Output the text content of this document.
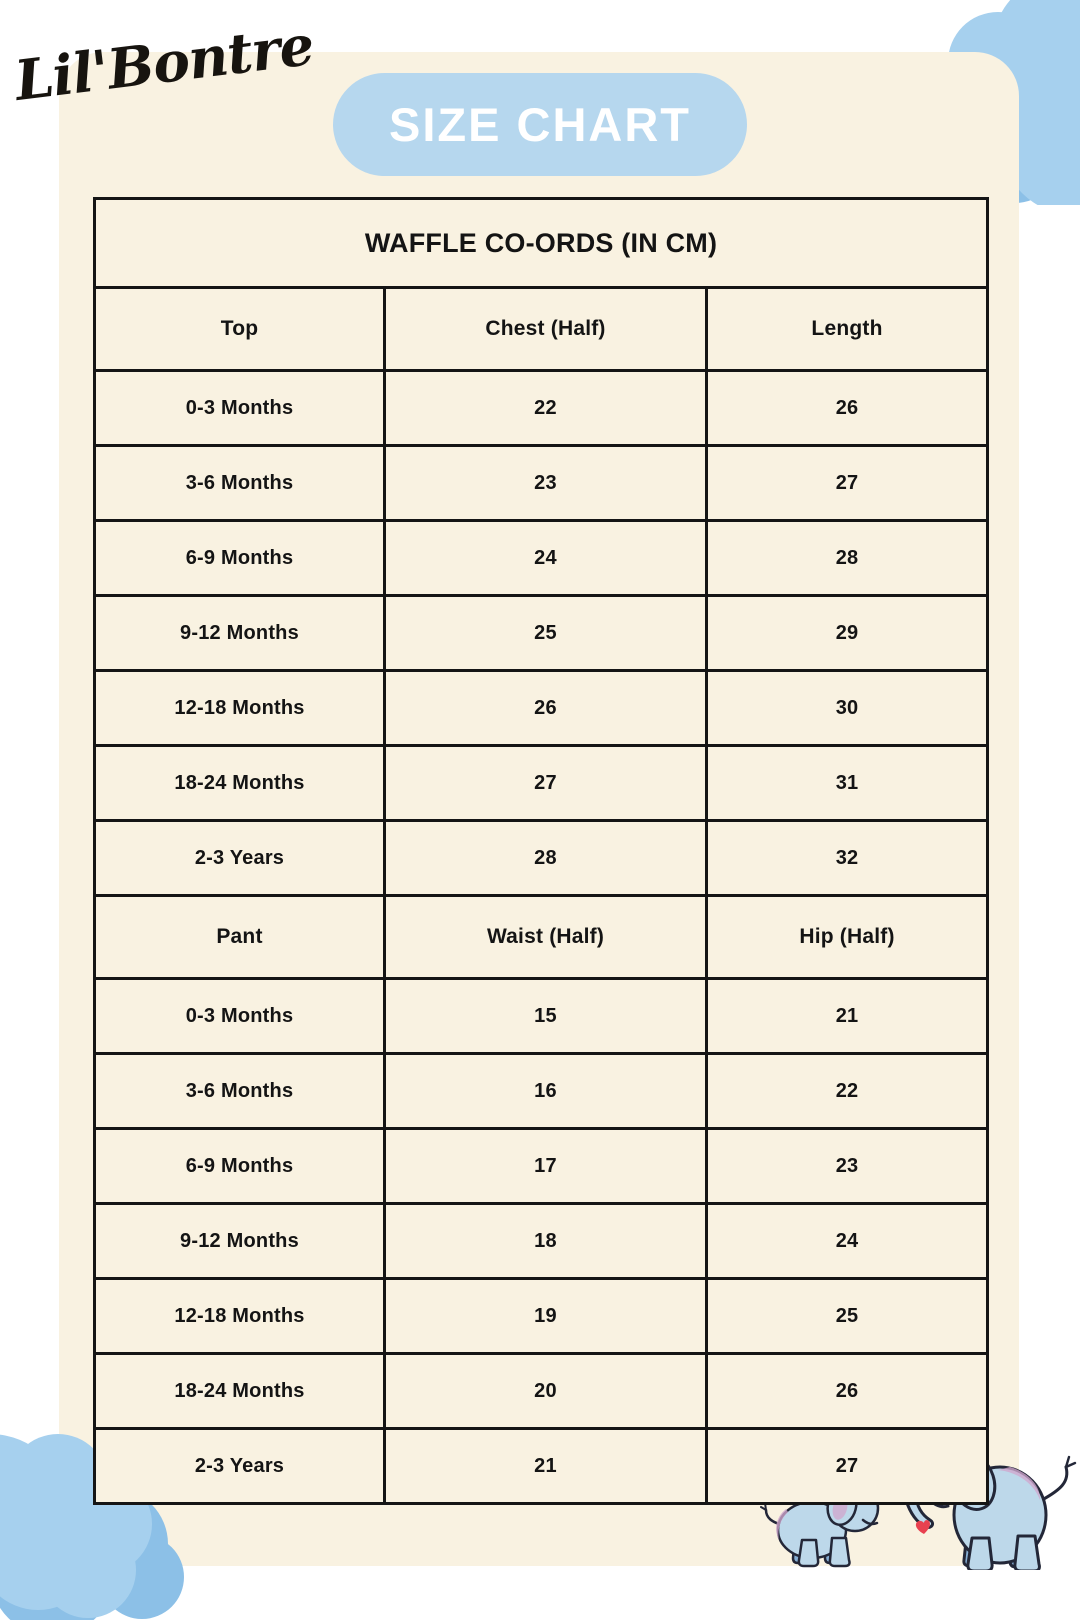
Lil'Bontre
SIZE CHART
WAFFLE CO-ORDS (IN CM)		
Top	Chest (Half)	Length
0-3 Months	22	26
3-6 Months	23	27
6-9 Months	24	28
9-12 Months	25	29
12-18 Months	26	30
18-24 Months	27	31
2-3 Years	28	32
Pant	Waist (Half)	Hip (Half)
0-3 Months	15	21
3-6 Months	16	22
6-9 Months	17	23
9-12 Months	18	24
12-18 Months	19	25
18-24 Months	20	26
2-3 Years	21	27
